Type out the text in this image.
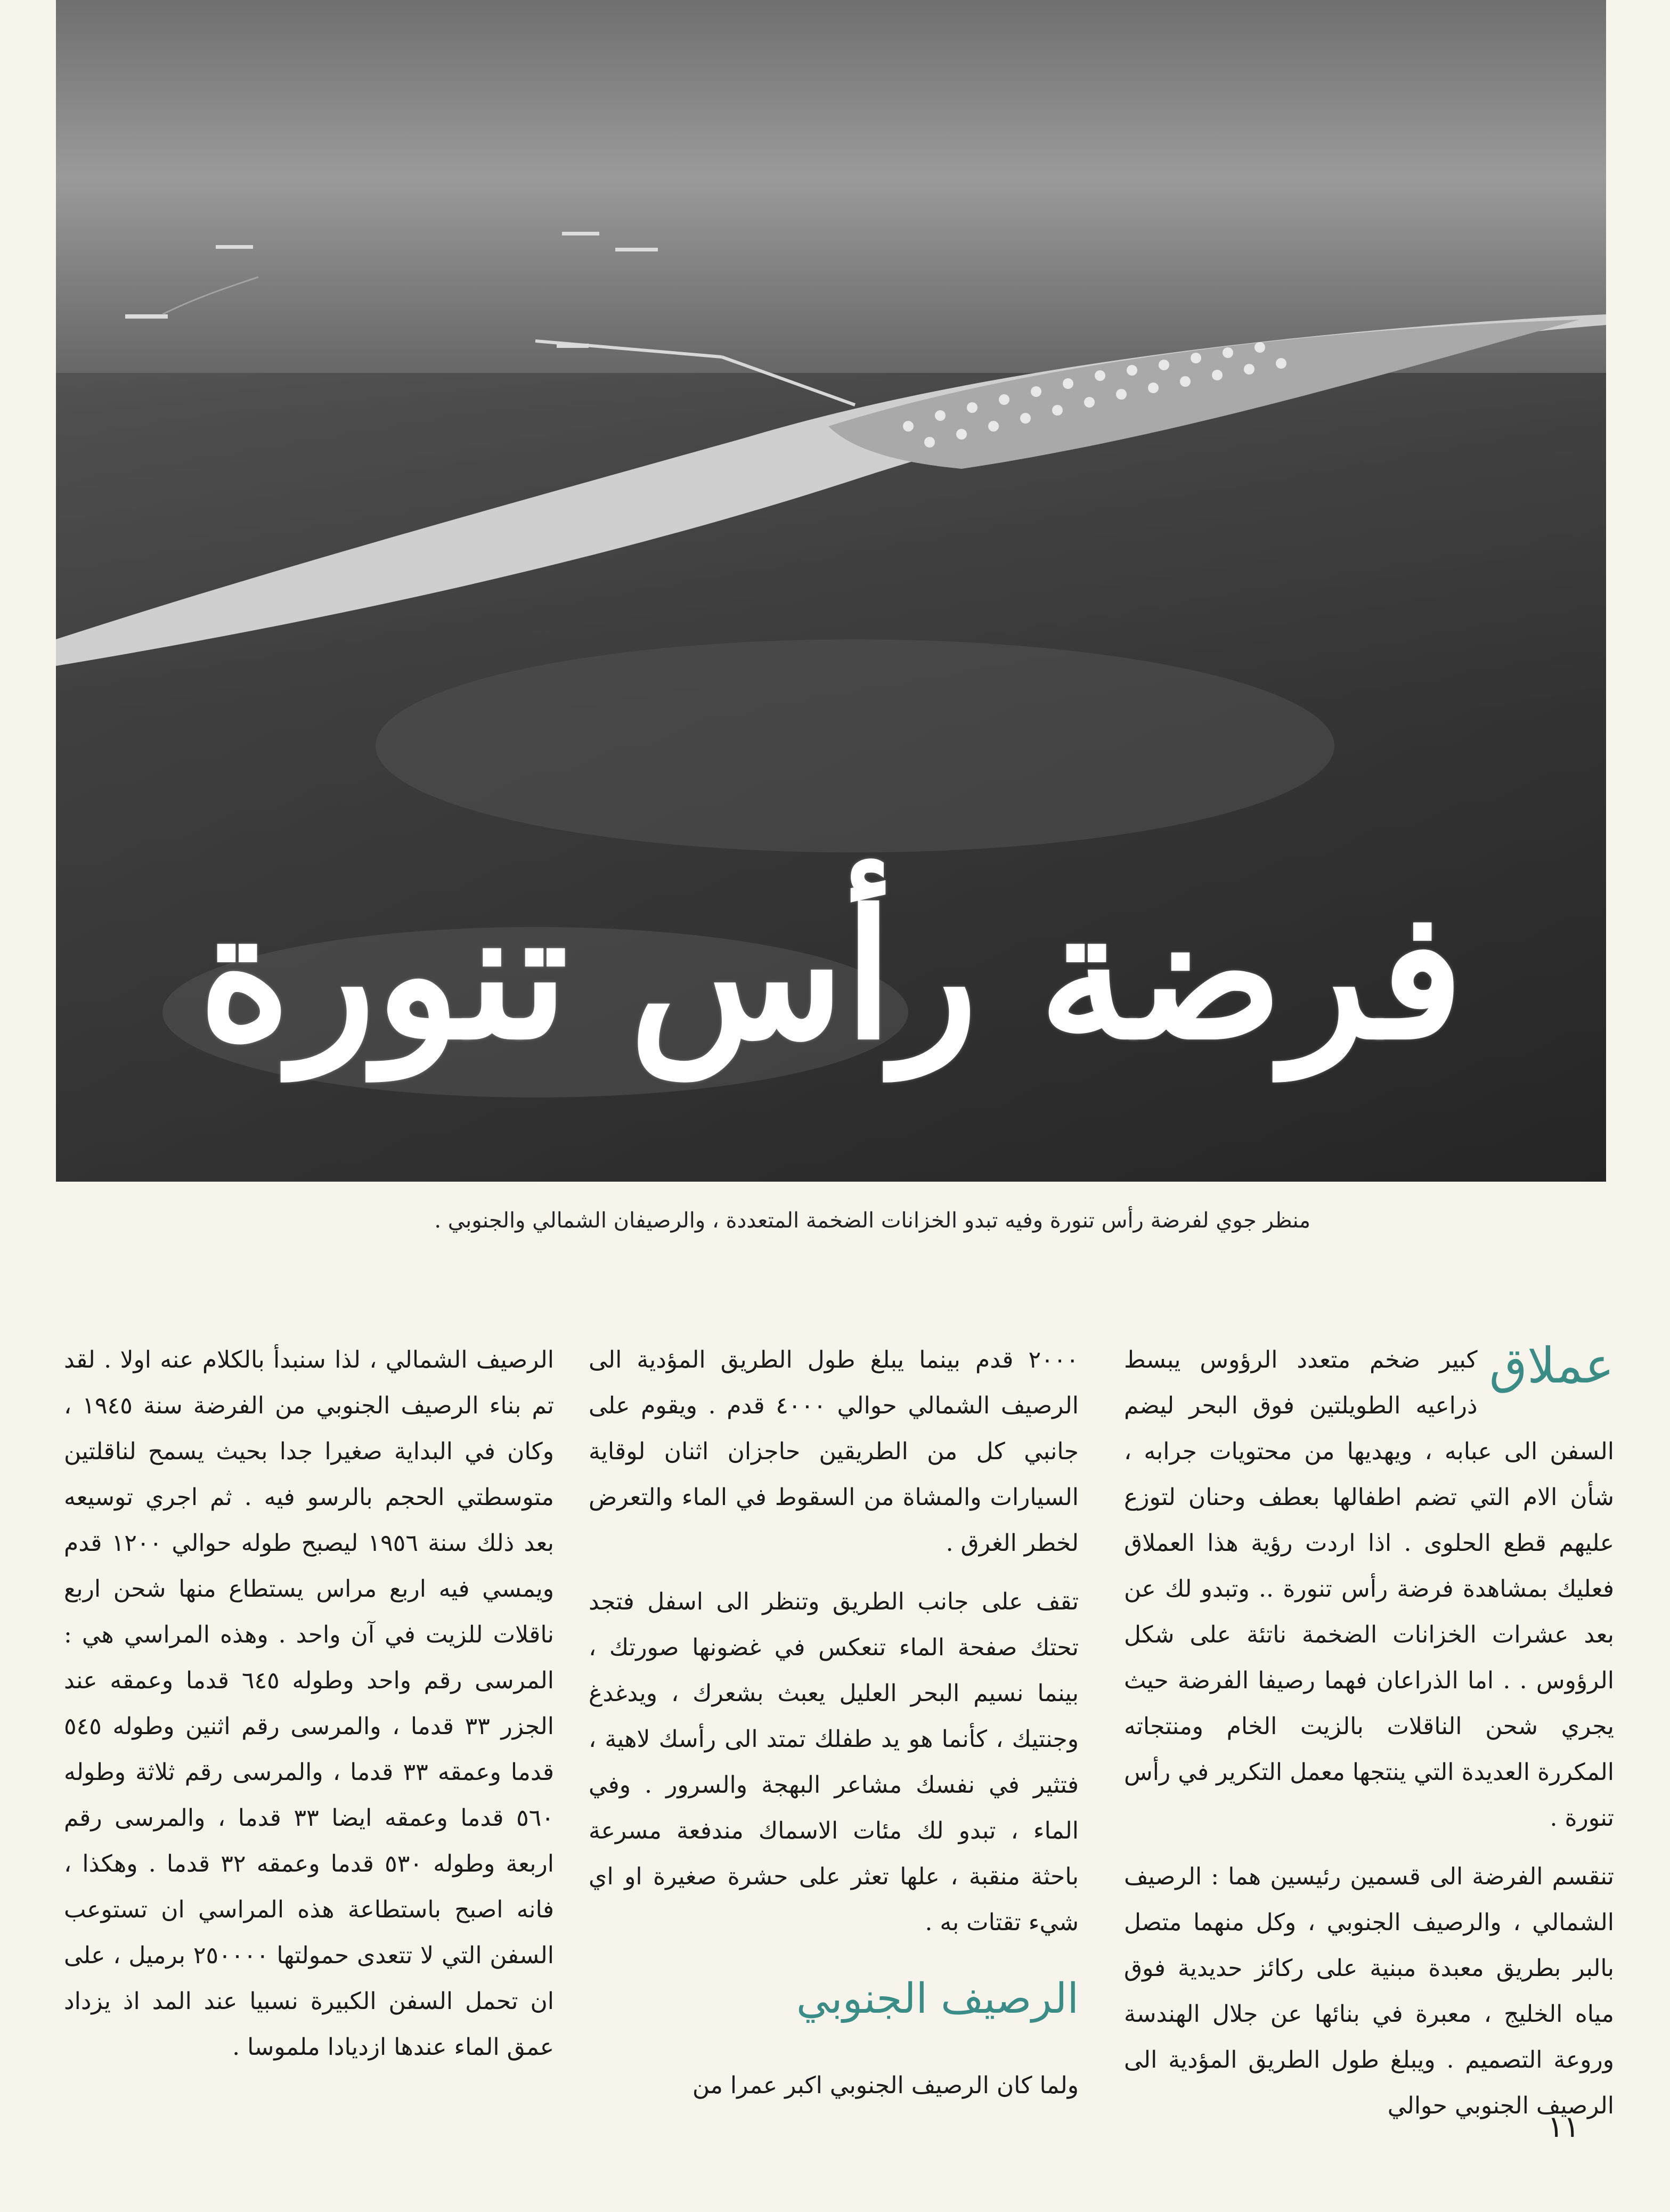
فرضة رأس تنورة
منظر جوي لفرضة رأس تنورة وفيه تبدو الخزانات الضخمة المتعددة ، والرصيفان الشمالي والجنوبي .

عملاق
كبير ضخم متعدد الرؤوس يبسط ذراعيه الطويلتين فوق البحر ليضم السفن الى عبابه ، ويهديها من محتويات جرابه ، شأن الام التي تضم اطفالها بعطف وحنان لتوزع عليهم قطع الحلوى . اذا اردت رؤية هذا العملاق فعليك بمشاهدة فرضة رأس تنورة .. وتبدو لك عن بعد عشرات الخزانات الضخمة ناتئة على شكل الرؤوس . . اما الذراعان فهما رصيفا الفرضة حيث يجري شحن الناقلات بالزيت الخام ومنتجاته المكررة العديدة التي ينتجها معمل التكرير في رأس تنورة .

تنقسم الفرضة الى قسمين رئيسين هما : الرصيف الشمالي ، والرصيف الجنوبي ، وكل منهما متصل بالبر بطريق معبدة مبنية على ركائز حديدية فوق مياه الخليج ، معبرة في بنائها عن جلال الهندسة وروعة التصميم . ويبلغ طول الطريق المؤدية الى الرصيف الجنوبي حوالي

٢٠٠٠ قدم بينما يبلغ طول الطريق المؤدية الى الرصيف الشمالي حوالي ٤٠٠٠ قدم . ويقوم على جانبي كل من الطريقين حاجزان اثنان لوقاية السيارات والمشاة من السقوط في الماء والتعرض لخطر الغرق .

تقف على جانب الطريق وتنظر الى اسفل فتجد تحتك صفحة الماء تنعكس في غضونها صورتك ، بينما نسيم البحر العليل يعبث بشعرك ، ويدغدغ وجنتيك ، كأنما هو يد طفلك تمتد الى رأسك لاهية ، فتثير في نفسك مشاعر البهجة والسرور . وفي الماء ، تبدو لك مئات الاسماك مندفعة مسرعة باحثة منقبة ، علها تعثر على حشرة صغيرة او اي شيء تقتات به .

الرصيف الجنوبي

ولما كان الرصيف الجنوبي اكبر عمرا من

الرصيف الشمالي ، لذا سنبدأ بالكلام عنه اولا . لقد تم بناء الرصيف الجنوبي من الفرضة سنة ١٩٤٥ ، وكان في البداية صغيرا جدا بحيث يسمح لناقلتين متوسطتي الحجم بالرسو فيه . ثم اجري توسيعه بعد ذلك سنة ١٩٥٦ ليصبح طوله حوالي ١٢٠٠ قدم ويمسي فيه اربع مراس يستطاع منها شحن اربع ناقلات للزيت في آن واحد . وهذه المراسي هي : المرسى رقم واحد وطوله ٦٤٥ قدما وعمقه عند الجزر ٣٣ قدما ، والمرسى رقم اثنين وطوله ٥٤٥ قدما وعمقه ٣٣ قدما ، والمرسى رقم ثلاثة وطوله ٥٦٠ قدما وعمقه ايضا ٣٣ قدما ، والمرسى رقم اربعة وطوله ٥٣٠ قدما وعمقه ٣٢ قدما . وهكذا ، فانه اصبح باستطاعة هذه المراسي ان تستوعب السفن التي لا تتعدى حمولتها ٢٥٠٠٠٠ برميل ، على ان تحمل السفن الكبيرة نسبيا عند المد اذ يزداد عمق الماء عندها ازديادا ملموسا .

١١
